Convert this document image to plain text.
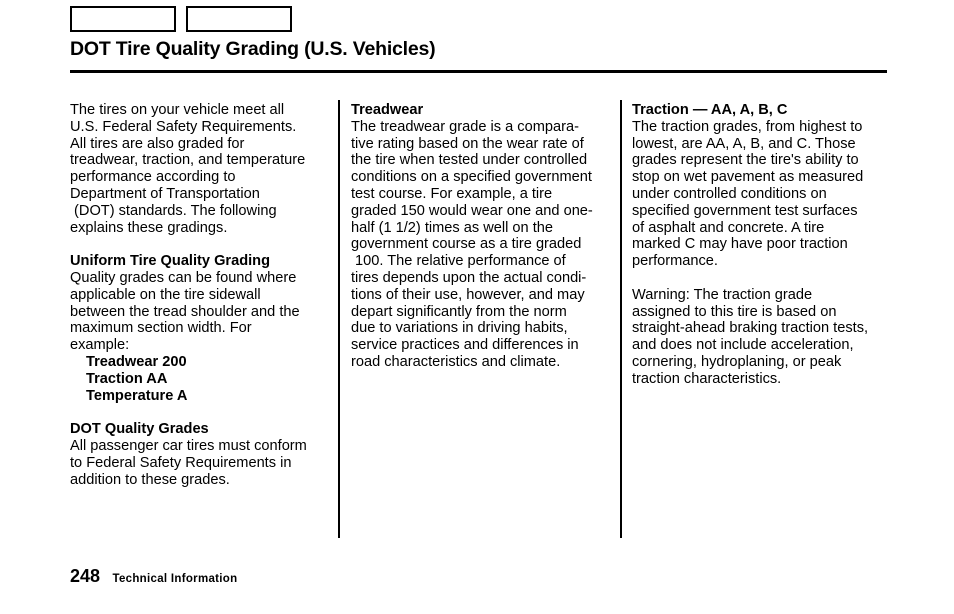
DOT Tire Quality Grading (U.S. Vehicles)

The tires on your vehicle meet all

U.S. Federal Safety Requirements.

All tires are also graded for

treadwear, traction, and temperature

performance according to

Department of Transportation

(DOT) standards. The following

explains these gradings.

Uniform Tire Quality Grading

Quality grades can be found where

applicable on the tire sidewall

between the tread shoulder and the

maximum section width. For

example:

Treadwear 200

Traction AA

Temperature A

DOT Quality Grades

All passenger car tires must conform

to Federal Safety Requirements in

addition to these grades.

Treadwear

The treadwear grade is a compara-

tive rating based on the wear rate of

the tire when tested under controlled

conditions on a specified government

test course. For example, a tire

graded 150 would wear one and one-

half (1 1/2) times as well on the

government course as a tire graded

100. The relative performance of

tires depends upon the actual condi-

tions of their use, however, and may

depart significantly from the norm

due to variations in driving habits,

service practices and differences in

road characteristics and climate.

Traction — AA, A, B, C

The traction grades, from highest to

lowest, are AA, A, B, and C. Those

grades represent the tire's ability to

stop on wet pavement as measured

under controlled conditions on

specified government test surfaces

of asphalt and concrete. A tire

marked C may have poor traction

performance.

Warning: The traction grade

assigned to this tire is based on

straight-ahead braking traction tests,

and does not include acceleration,

cornering, hydroplaning, or peak

traction characteristics.

248 Technical Information
